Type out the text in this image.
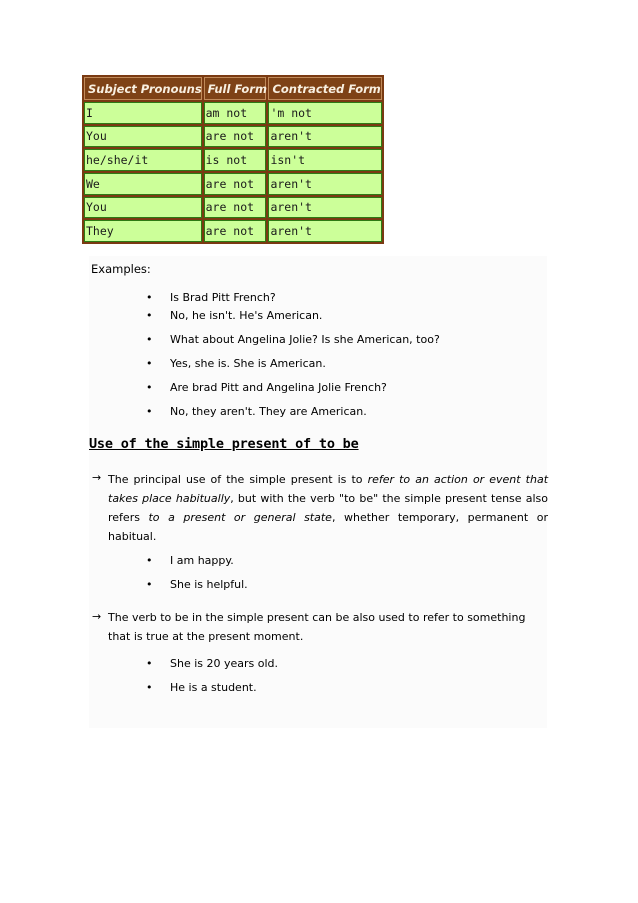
Subject Pronouns	Full Form	Contracted Form
I	am not	'm not
You	are not	aren't
he/she/it	is not	isn't
We	are not	aren't
You	are not	aren't
They	are not	aren't
Examples:
• Is Brad Pitt French?
• No, he isn't. He's American.
• What about Angelina Jolie? Is she American, too?
• Yes, she is. She is American.
• Are brad Pitt and Angelina Jolie French?
• No, they aren't. They are American.
Use of the simple present of to be
→ The principal use of the simple present is to refer to an action or event that takes place habitually, but with the verb "to be" the simple present tense also refers to a present or general state, whether temporary, permanent or habitual.

• I am happy.
• She is helpful.
→ The verb to be in the simple present can be also used to refer to something that is true at the present moment.

• She is 20 years old.
• He is a student.
